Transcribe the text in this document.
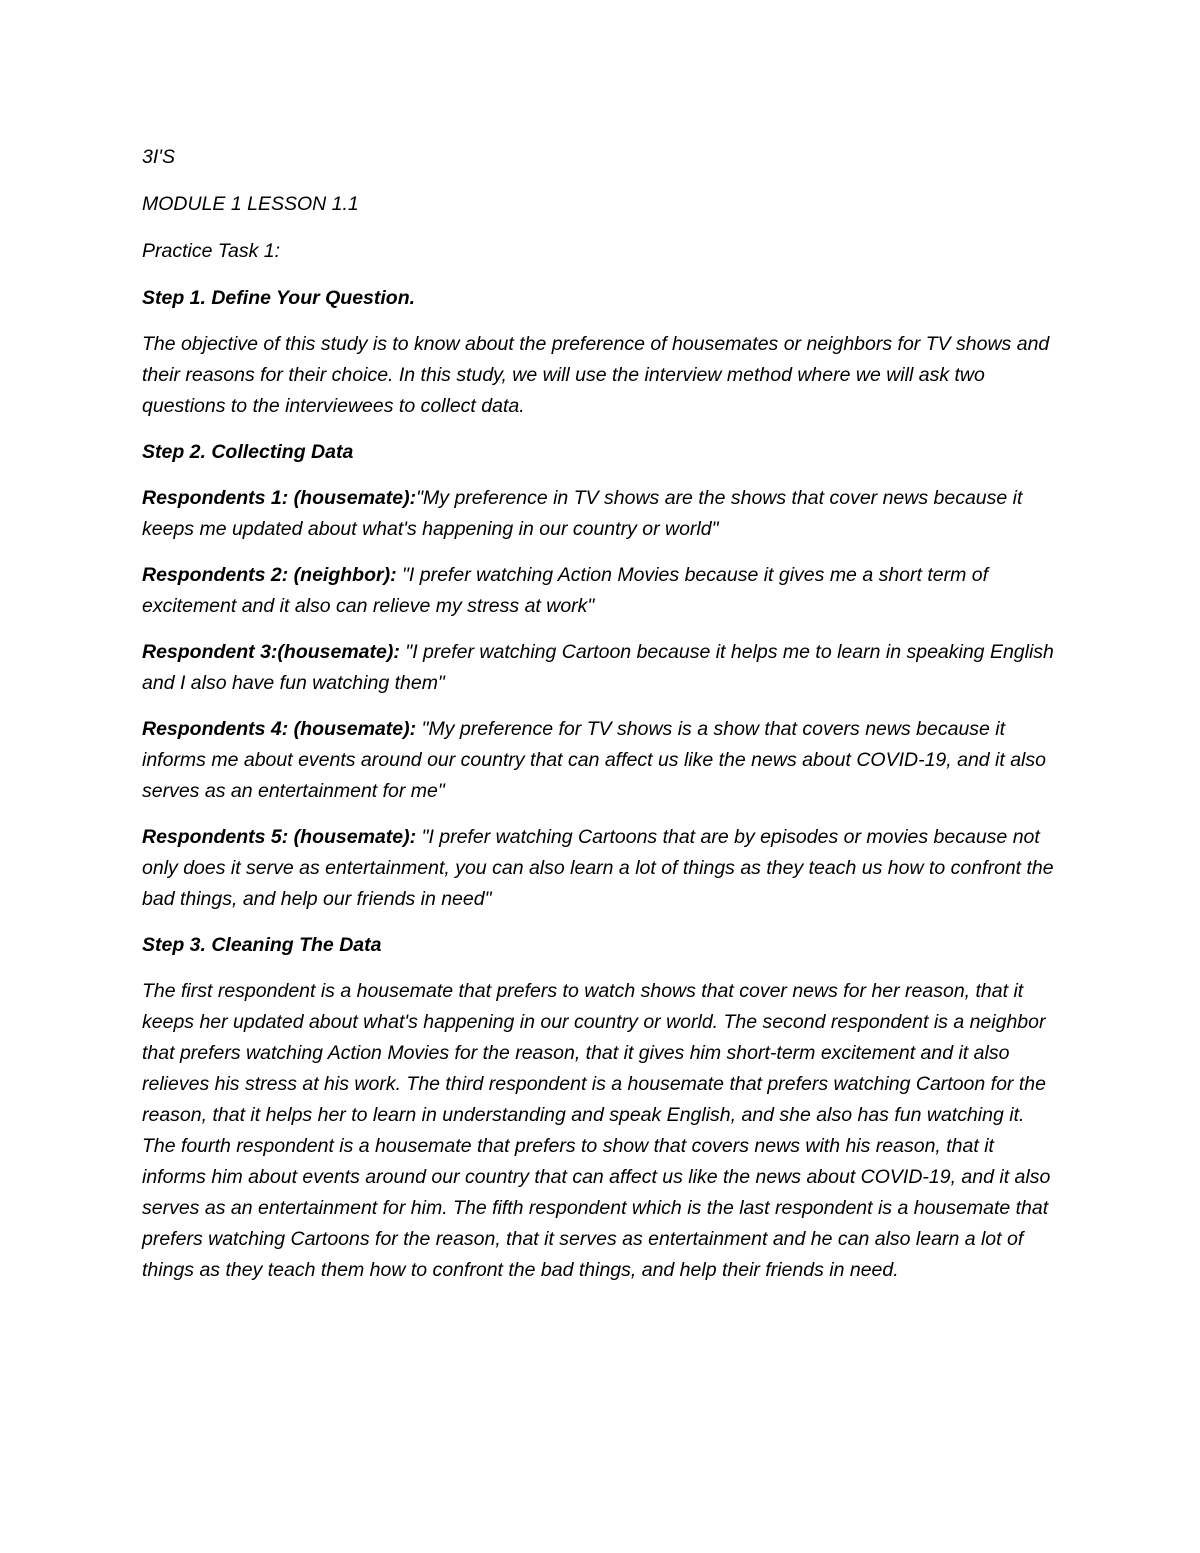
3I'S
MODULE 1 LESSON 1.1
Practice Task 1:
Step 1. Define Your Question.

The objective of this study is to know about the preference of housemates or neighbors for TV shows and their reasons for their choice. In this study, we will use the interview method where we will ask two questions to the interviewees to collect data.

Step 2. Collecting Data

Respondents 1: (housemate):"My preference in TV shows are the shows that cover news because it keeps me updated about what's happening in our country or world"

Respondents 2: (neighbor): "I prefer watching Action Movies because it gives me a short term of excitement and it also can relieve my stress at work"

Respondent 3:(housemate): "I prefer watching Cartoon because it helps me to learn in speaking English and I also have fun watching them"

Respondents 4: (housemate): "My preference for TV shows is a show that covers news because it informs me about events around our country that can affect us like the news about COVID-19, and it also serves as an entertainment for me"

Respondents 5: (housemate): "I prefer watching Cartoons that are by episodes or movies because not only does it serve as entertainment, you can also learn a lot of things as they teach us how to confront the bad things, and help our friends in need"

Step 3. Cleaning The Data

The first respondent is a housemate that prefers to watch shows that cover news for her reason, that it keeps her updated about what's happening in our country or world. The second respondent is a neighbor that prefers watching Action Movies for the reason, that it gives him short-term excitement and it also relieves his stress at his work. The third respondent is a housemate that prefers watching Cartoon for the reason, that it helps her to learn in understanding and speak English, and she also has fun watching it. The fourth respondent is a housemate that prefers to show that covers news with his reason, that it informs him about events around our country that can affect us like the news about COVID-19, and it also serves as an entertainment for him. The fifth respondent which is the last respondent is a housemate that prefers watching Cartoons for the reason, that it serves as entertainment and he can also learn a lot of things as they teach them how to confront the bad things, and help their friends in need.
